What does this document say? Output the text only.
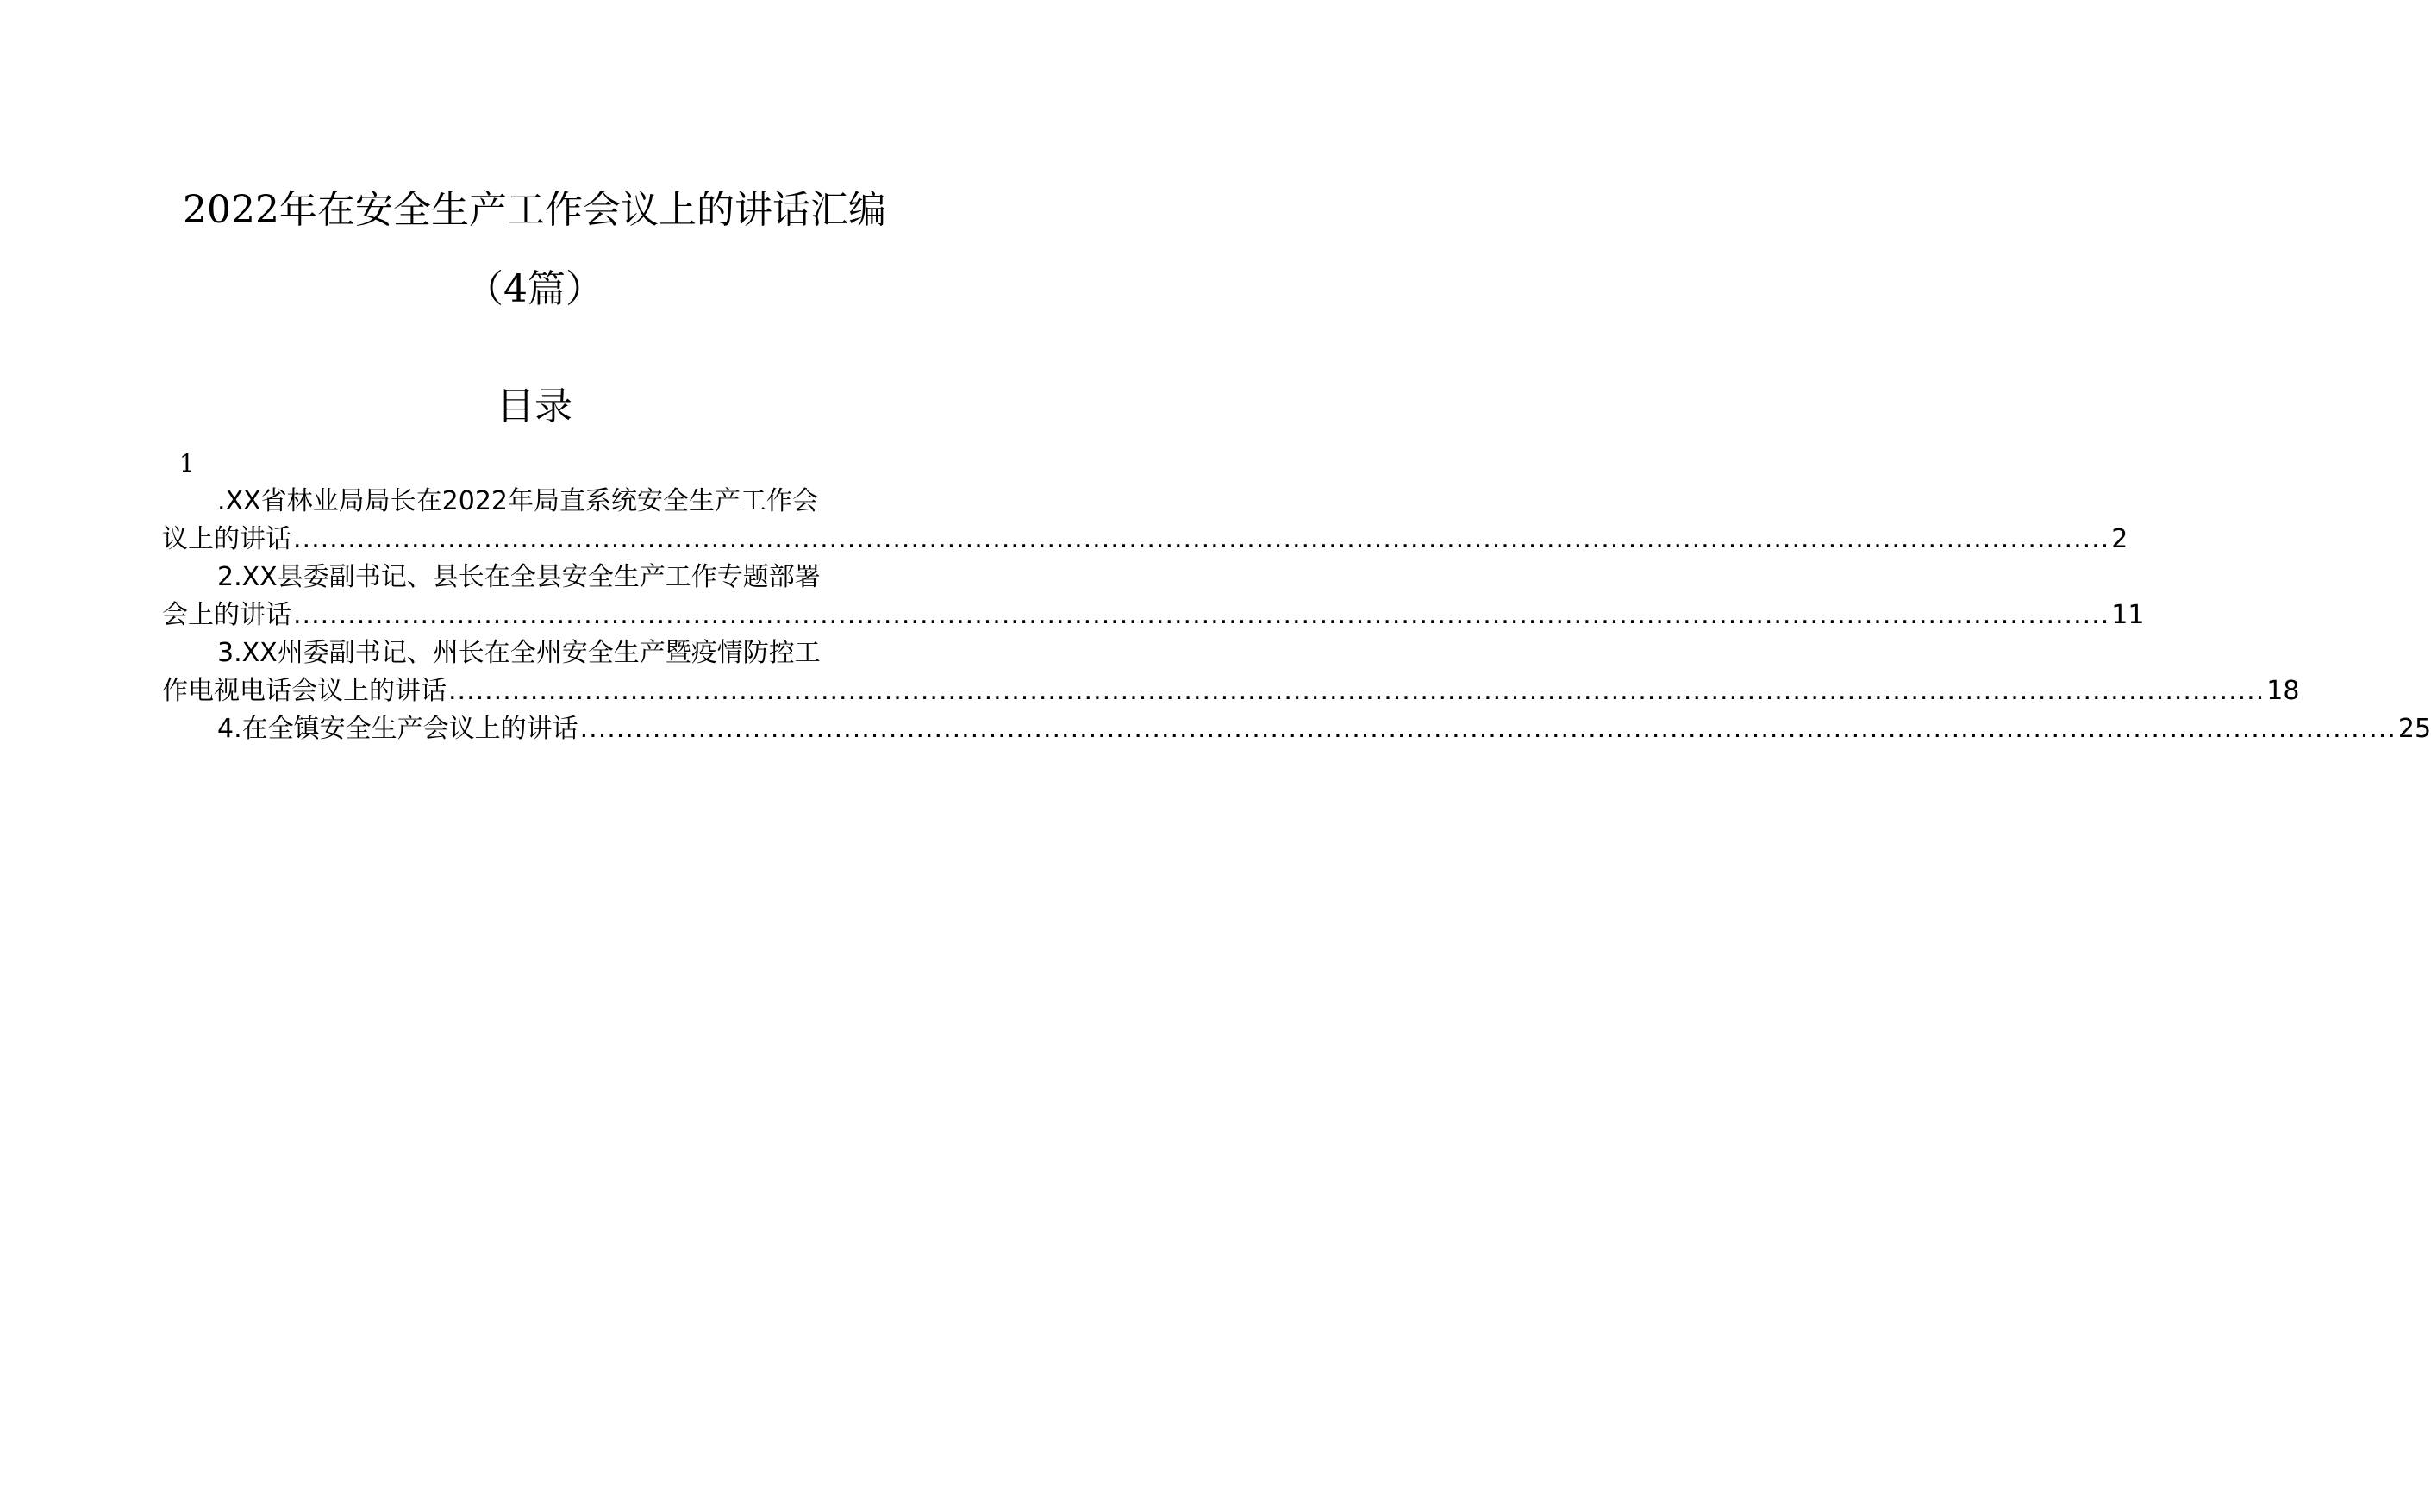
2022年在安全生产工作会议上的讲话汇编
（4篇）
目录
1
.XX省林业局局长在2022年局直系统安全生产工作会
议上的讲话 ........................................................................................................................................................................................................ 2
2.XX县委副书记、县长在全县安全生产工作专题部署
会上的讲话 ........................................................................................................................................................................................................ 11
3.XX州委副书记、州长在全州安全生产暨疫情防控工
作电视电话会议上的讲话 ........................................................................................................................................................................................................ 18
4.在全镇安全生产会议上的讲话 ........................................................................................................................................................................................................ 25
